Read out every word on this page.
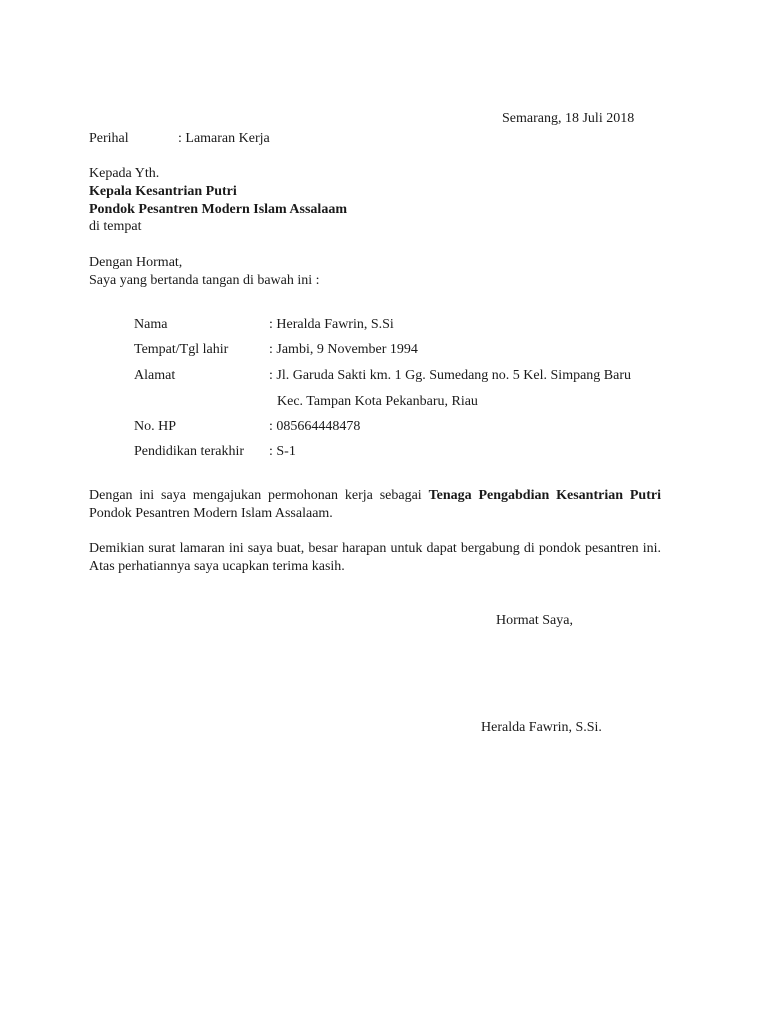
Semarang, 18 Juli 2018
Perihal	: Lamaran Kerja
Kepada Yth.
Kepala Kesantrian Putri
Pondok Pesantren Modern Islam Assalaam
di tempat
Dengan Hormat,
Saya yang bertanda tangan di bawah ini :
Nama	: Heralda Fawrin, S.Si
Tempat/Tgl lahir	: Jambi, 9 November 1994
Alamat	: Jl. Garuda Sakti km. 1 Gg. Sumedang no. 5 Kel. Simpang Baru
Kec. Tampan Kota Pekanbaru, Riau
No. HP	: 085664448478
Pendidikan terakhir : S-1
Dengan ini saya mengajukan permohonan kerja sebagai Tenaga Pengabdian Kesantrian Putri Pondok Pesantren Modern Islam Assalaam.
Demikian surat lamaran ini saya buat, besar harapan untuk dapat bergabung di pondok pesantren ini. Atas perhatiannya saya ucapkan terima kasih.
Hormat Saya,
Heralda Fawrin, S.Si.
